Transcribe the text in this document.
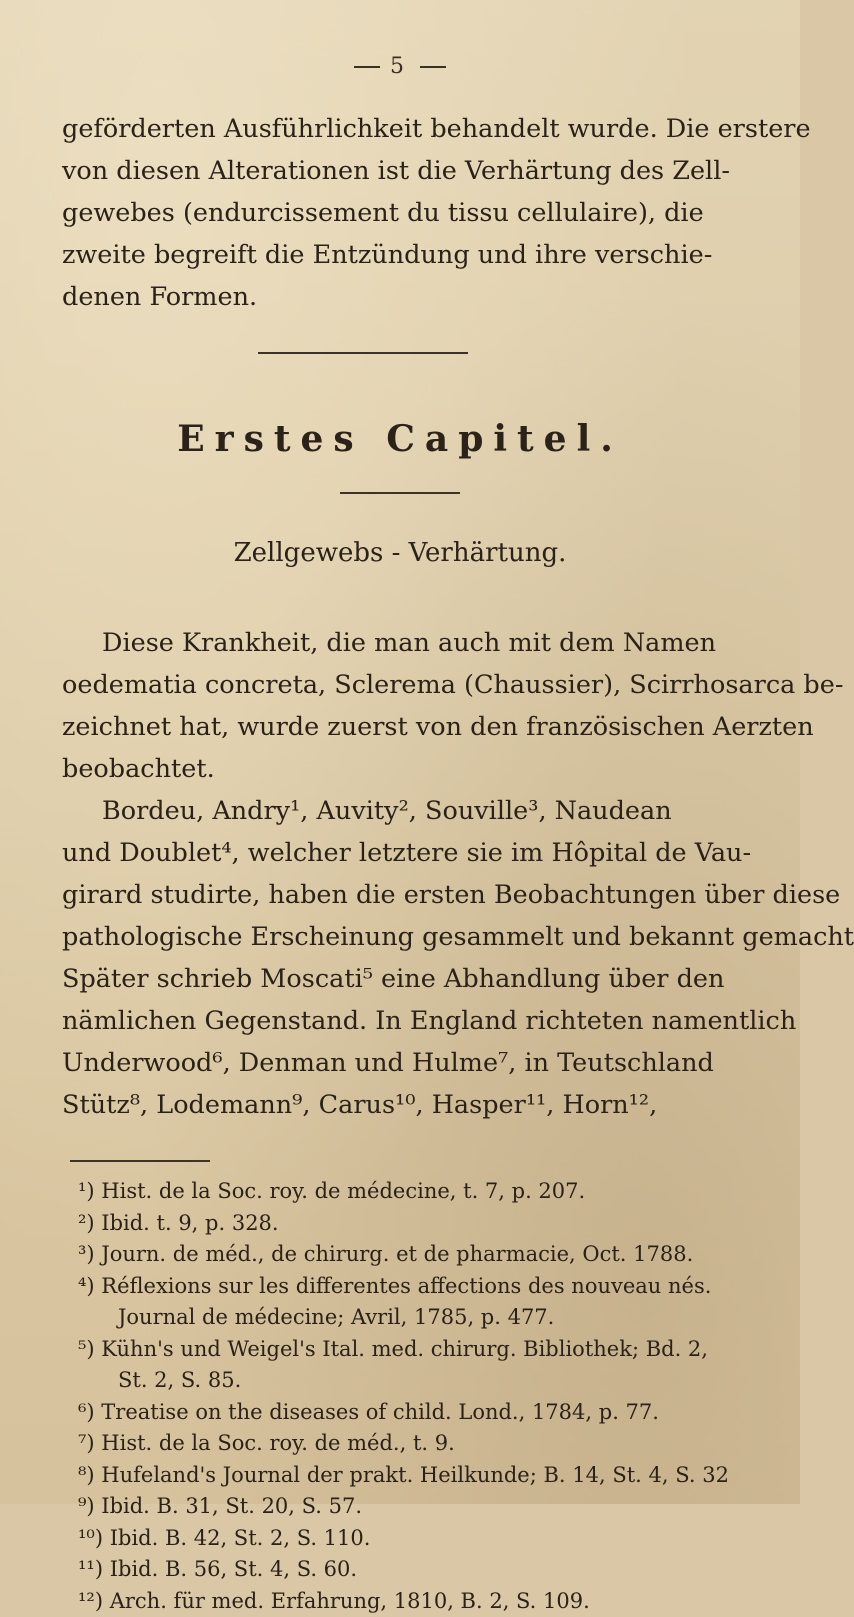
5
geförderten Ausführlichkeit behandelt wurde. Die erstere
von diesen Alterationen ist die Verhärtung des Zell-
gewebes (endurcissement du tissu cellulaire), die
zweite begreift die Entzündung und ihre verschie-
denen Formen.
Erstes Capitel.
Zellgewebs - Verhärtung.
Diese Krankheit, die man auch mit dem Namen
oedematia concreta, Sclerema (Chaussier), Scirrhosarca be-
zeichnet hat, wurde zuerst von den französischen Aerzten
beobachtet.
Bordeu, Andry¹, Auvity², Souville³, Naudean
und Doublet⁴, welcher letztere sie im Hôpital de Vau-
girard studirte, haben die ersten Beobachtungen über diese
pathologische Erscheinung gesammelt und bekannt gemacht
Später schrieb Moscati⁵ eine Abhandlung über den
nämlichen Gegenstand. In England richteten namentlich
Underwood⁶, Denman und Hulme⁷, in Teutschland
Stütz⁸, Lodemann⁹, Carus¹⁰, Hasper¹¹, Horn¹²,
¹) Hist. de la Soc. roy. de médecine, t. 7, p. 207.
²) Ibid. t. 9, p. 328.
³) Journ. de méd., de chirurg. et de pharmacie, Oct. 1788.
⁴) Réflexions sur les differentes affections des nouveau nés.
Journal de médecine; Avril, 1785, p. 477.
⁵) Kühn's und Weigel's Ital. med. chirurg. Bibliothek; Bd. 2,
St. 2, S. 85.
⁶) Treatise on the diseases of child. Lond., 1784, p. 77.
⁷) Hist. de la Soc. roy. de méd., t. 9.
⁸) Hufeland's Journal der prakt. Heilkunde; B. 14, St. 4, S. 32
⁹) Ibid. B. 31, St. 20, S. 57.
¹⁰) Ibid. B. 42, St. 2, S. 110.
¹¹) Ibid. B. 56, St. 4, S. 60.
¹²) Arch. für med. Erfahrung, 1810, B. 2, S. 109.
